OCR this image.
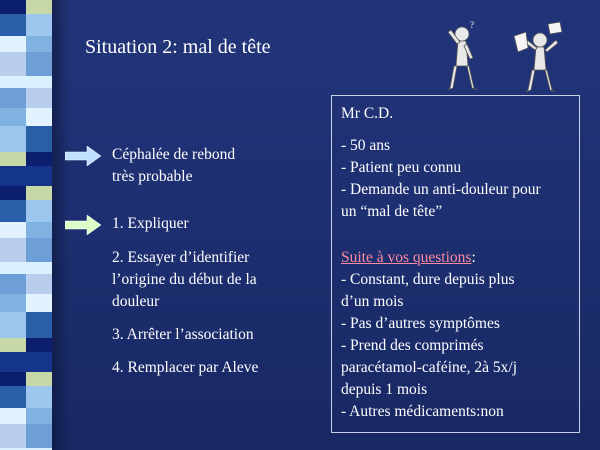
Situation 2: mal de tête
Céphalée de rebond
très probable
1. Expliquer
2. Essayer d’identifier
l’origine du début de la
douleur
3. Arrêter l’association
4. Remplacer par Aleve
Mr C.D.
- 50 ans
- Patient peu connu
- Demande un anti-douleur pour
un “mal de tête”
Suite à vos questions:
- Constant, dure depuis plus
d’un mois
- Pas d’autres symptômes
- Prend des comprimés
paracétamol-caféine, 2à 5x/j
depuis 1 mois
- Autres médicaments:non
?
